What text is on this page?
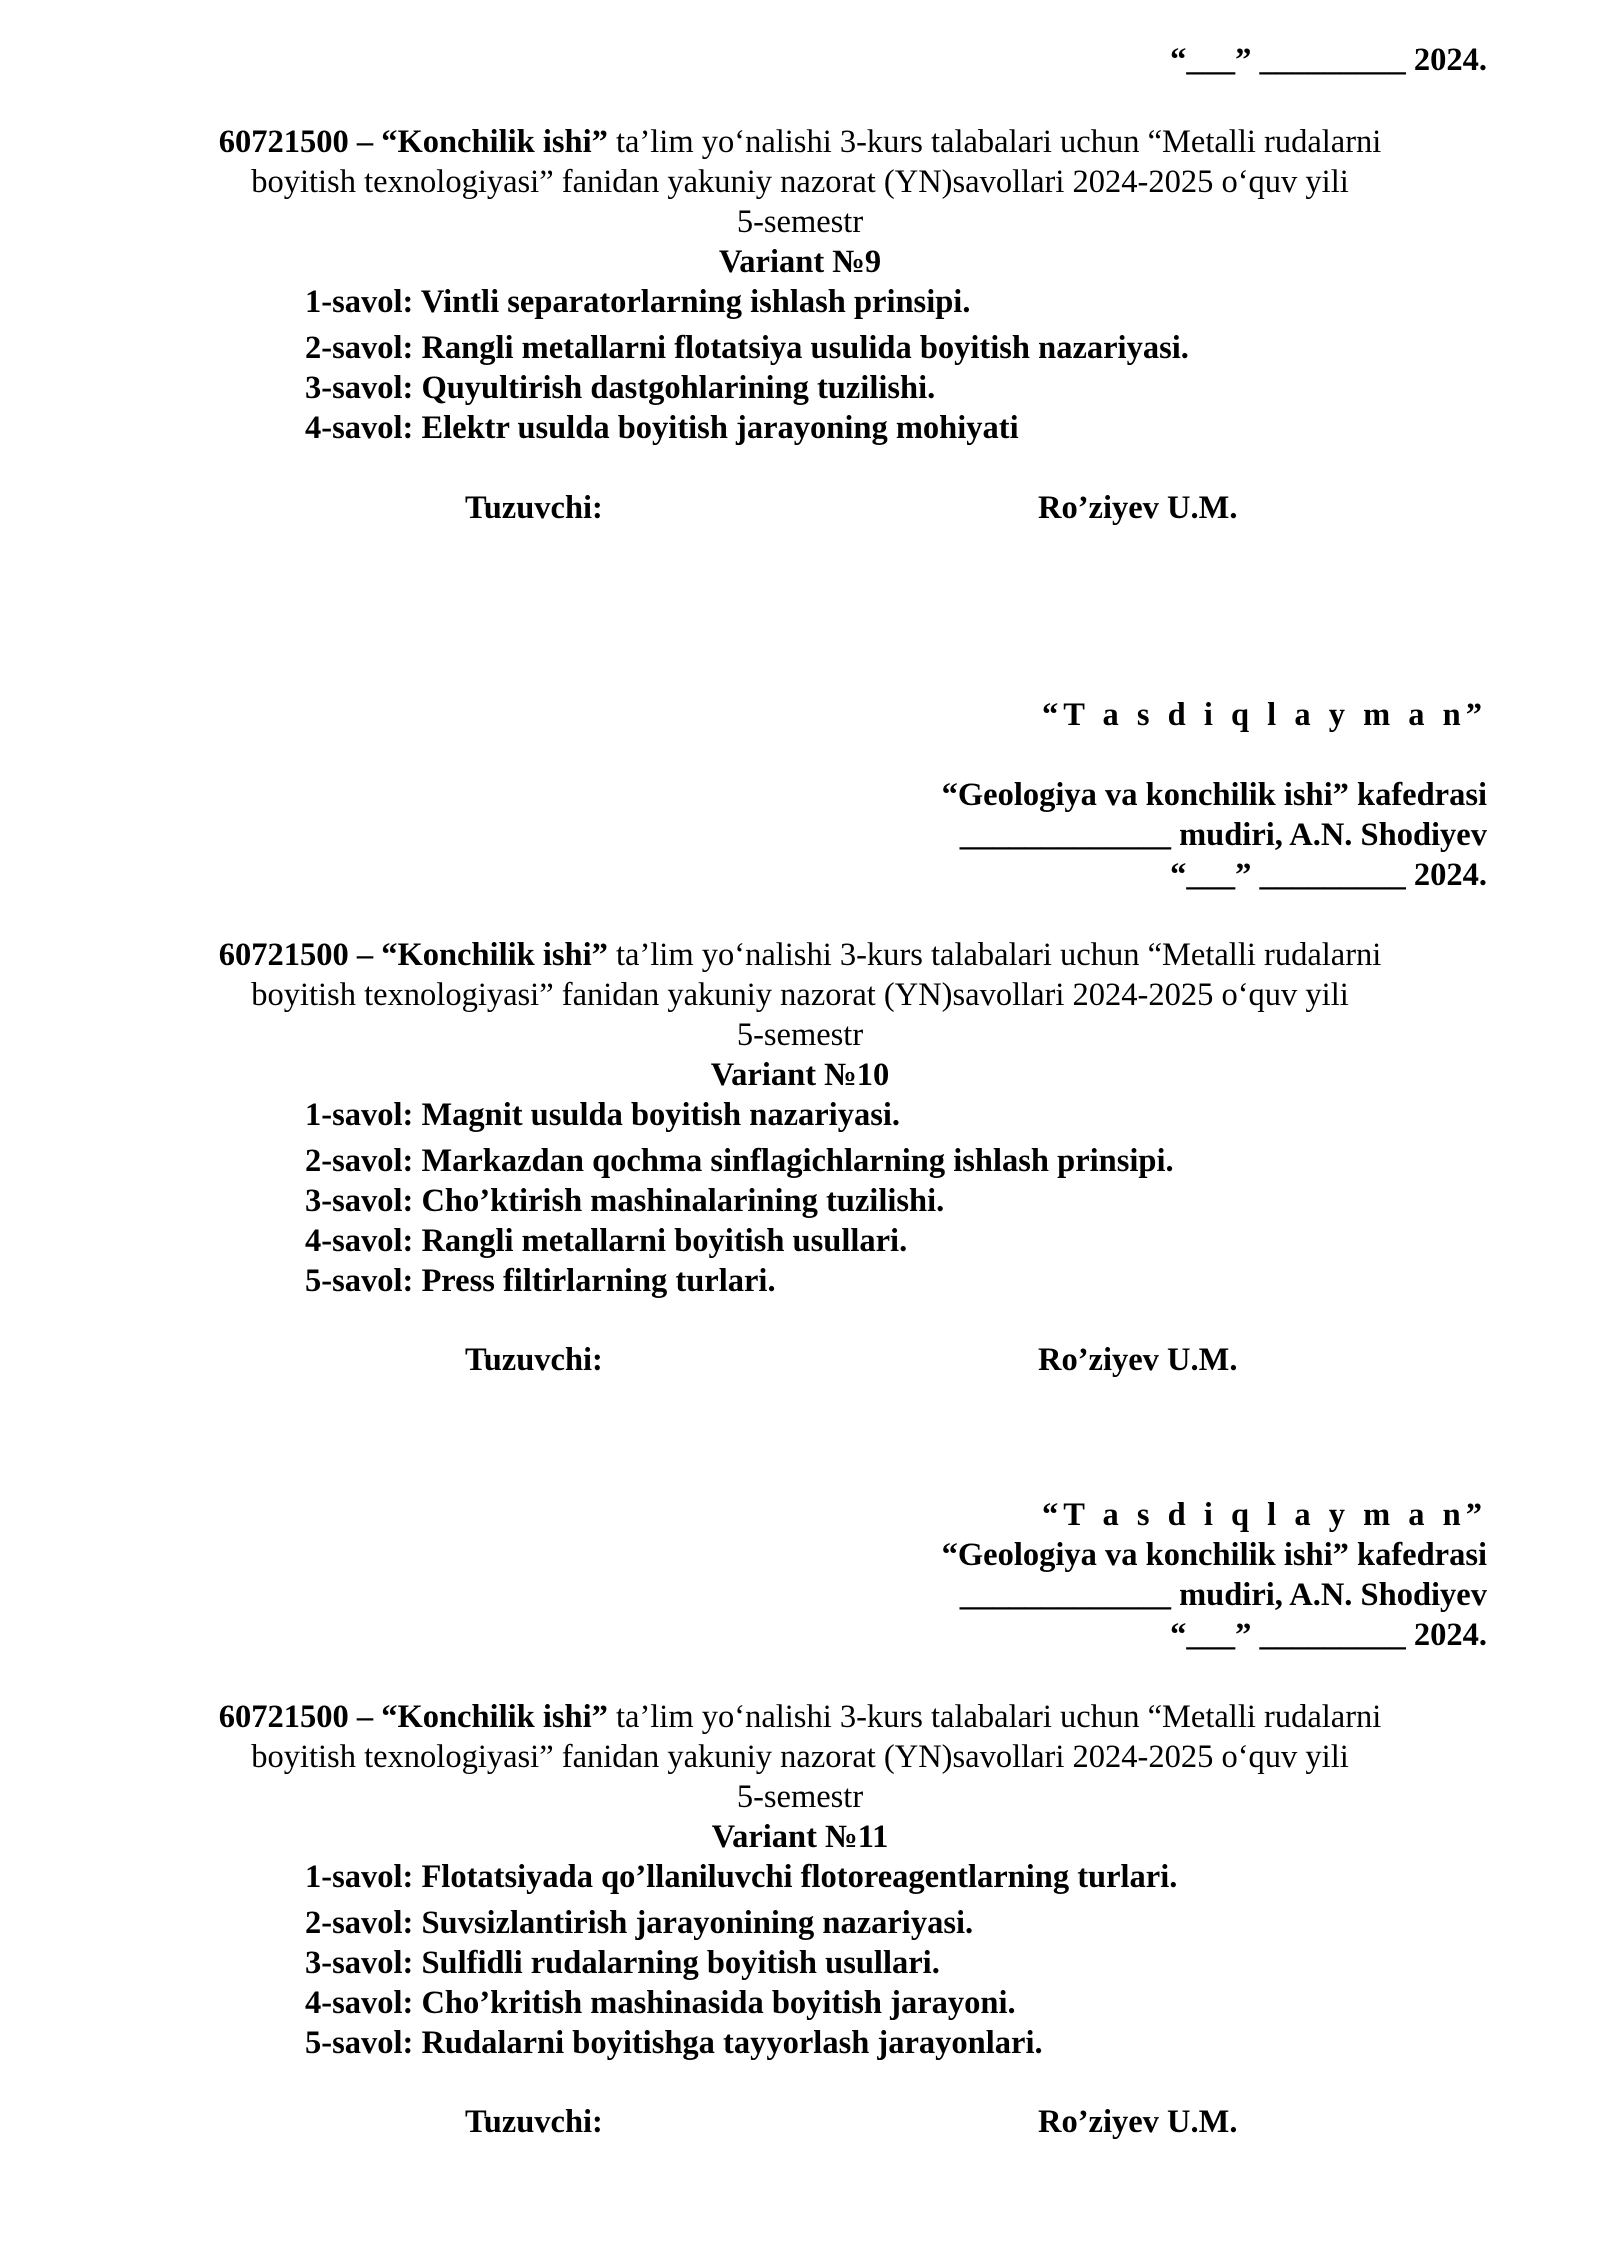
“___” _________ 2024.
60721500 – “Konchilik ishi” ta’lim yo‘nalishi 3-kurs talabalari uchun “Metalli rudalarni
boyitish texnologiyasi” fanidan yakuniy nazorat (YN)savollari 2024-2025 o‘quv yili
5-semestr
Variant №9
1-savol: Vintli separatorlarning ishlash prinsipi.
2-savol: Rangli metallarni flotatsiya usulida boyitish nazariyasi.
3-savol: Quyultirish dastgohlarining tuzilishi.
4-savol: Elektr usulda boyitish jarayoning mohiyati
Tuzuvchi:	Ro’ziyev U.M.
“T a s d i q l a y m a n”
“Geologiya va konchilik ishi” kafedrasi
_____________ mudiri, A.N. Shodiyev
“___” _________ 2024.
60721500 – “Konchilik ishi” ta’lim yo‘nalishi 3-kurs talabalari uchun “Metalli rudalarni
boyitish texnologiyasi” fanidan yakuniy nazorat (YN)savollari 2024-2025 o‘quv yili
5-semestr
Variant №10
1-savol: Magnit usulda boyitish nazariyasi.
2-savol: Markazdan qochma sinflagichlarning ishlash prinsipi.
3-savol: Cho’ktirish mashinalarining tuzilishi.
4-savol: Rangli metallarni boyitish usullari.
5-savol: Press filtirlarning turlari.
Tuzuvchi:	Ro’ziyev U.M.
“T a s d i q l a y m a n”
“Geologiya va konchilik ishi” kafedrasi
_____________ mudiri, A.N. Shodiyev
“___” _________ 2024.
60721500 – “Konchilik ishi” ta’lim yo‘nalishi 3-kurs talabalari uchun “Metalli rudalarni
boyitish texnologiyasi” fanidan yakuniy nazorat (YN)savollari 2024-2025 o‘quv yili
5-semestr
Variant №11
1-savol: Flotatsiyada qo’llaniluvchi flotoreagentlarning turlari.
2-savol: Suvsizlantirish jarayonining nazariyasi.
3-savol: Sulfidli rudalarning boyitish usullari.
4-savol: Cho’kritish mashinasida boyitish jarayoni.
5-savol: Rudalarni boyitishga tayyorlash jarayonlari.
Tuzuvchi:	Ro’ziyev U.M.
